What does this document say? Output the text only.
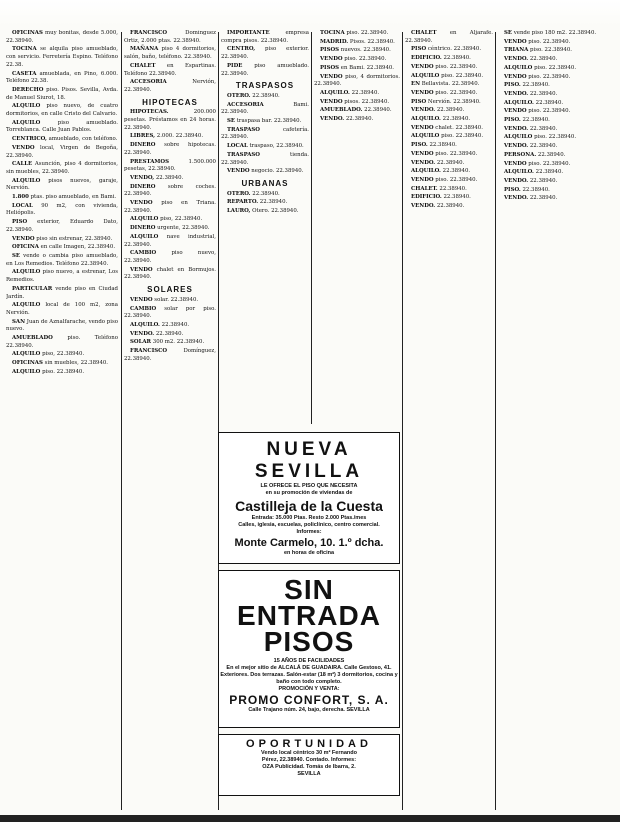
OFICINAS muy bonitas, desde 5.000, 22.38940.

TOCINA se alquila piso amueblado, con servicio. Ferretería Espino. Teléfono 22.38.

CASETA amueblada, en Pino, 6.000. Teléfono 22.38.

DERECHO piso. Pisos. Sevilla, Avda. de Manuel Siurot, 18.

ALQUILO piso nuevo, de cuatro dormitorios, en calle Cristo del Calvario.

ALQUILO piso amueblado. Torreblanca. Calle Juan Pablos.

CENTRICO, amueblado, con teléfono.

VENDO local, Virgen de Begoña, 22.38940.

CALLE Asunción, piso 4 dormitorios, sin muebles, 22.38940.

ALQUILO pisos nuevos, garaje, Nervión.

1.800 ptas. piso amueblado, en Bami.

LOCAL 90 m2, con vivienda, Heliópolis.

PISO exterior, Eduardo Dato, 22.38940.

VENDO piso sin estrenar, 22.38940.

OFICINA en calle Imagen, 22.38940.

SE vende o cambia piso amueblado, en Los Remedios. Teléfono 22.38940.

ALQUILO piso nuevo, a estrenar, Los Remedios.

PARTICULAR vende piso en Ciudad Jardín.

ALQUILO local de 100 m2, zona Nervión.

SAN Juan de Aznalfarache, vendo piso nuevo.

AMUEBLADO piso. Teléfono 22.38940.

ALQUILO piso, 22.38940.

OFICINAS sin muebles, 22.38940.

ALQUILO piso. 22.38940.

FRANCISCO Domínguez Ortiz, 2.000 ptas. 22.38940.

MAÑANA piso 4 dormitorios, salón, baño, teléfono. 22.38940.

CHALET en Espartinas. Teléfono 22.38940.

ACCESORIA Nervión, 22.38940.

HIPOTECAS

HIPOTECAS. 200.000 pesetas. Préstamos en 24 horas. 22.38940.

LIBRES, 2.000. 22.38940.

DINERO sobre hipotecas. 22.38940.

PRESTAMOS 1.500.000 pesetas, 22.38940.

VENDO, 22.38940.

DINERO sobre coches. 22.38940.

VENDO piso en Triana. 22.38940.

ALQUILO piso, 22.38940.

DINERO urgente, 22.38940.

ALQUILO nave industrial, 22.38940.

CAMBIO piso nuevo, 22.38940.

VENDO chalet en Bormujos. 22.38940.

SOLARES

VENDO solar. 22.38940.

CAMBIO solar por piso. 22.38940.

ALQUILO. 22.38940.

VENDO. 22.38940.

SOLAR 300 m2. 22.38940.

FRANCISCO Domínguez, 22.38940.

IMPORTANTE empresa compra pisos. 22.38940.

CENTRO, piso exterior. 22.38940.

PIDE piso amueblado. 22.38940.

TRASPASOS

OTERO. 22.38940.

ACCESORIA Bami. 22.38940.

SE traspasa bar. 22.38940.

TRASPASO cafetería. 22.38940.

LOCAL traspaso, 22.38940.

TRASPASO tienda. 22.38940.

VENDO negocio. 22.38940.

URBANAS

OTERO. 22.38940.

REPARTO. 22.38940.

LAURO, Otero. 22.38940.

TOCINA piso. 22.38940.

MADRID. Pisos. 22.38940.

PISOS nuevos. 22.38940.

VENDO piso. 22.38940.

PISOS en Bami. 22.38940.

VENDO piso, 4 dormitorios. 22.38940.

ALQUILO. 22.38940.

VENDO pisos. 22.38940.

AMUEBLADO. 22.38940.

VENDO. 22.38940.

CHALET en Aljarafe. 22.38940.

PISO céntrico. 22.38940.

EDIFICIO. 22.38940.

VENDO piso. 22.38940.

ALQUILO piso. 22.38940.

EN Bellavista. 22.38940.

VENDO piso. 22.38940.

PISO Nervión. 22.38940.

VENDO. 22.38940.

ALQUILO. 22.38940.

VENDO chalet. 22.38940.

ALQUILO piso. 22.38940.

PISO. 22.38940.

VENDO piso. 22.38940.

VENDO. 22.38940.

ALQUILO. 22.38940.

VENDO piso. 22.38940.

CHALET. 22.38940.

EDIFICIO. 22.38940.

VENDO. 22.38940.

SE vende piso 180 m2. 22.38940.

VENDO piso. 22.38940.

TRIANA piso. 22.38940.

VENDO. 22.38940.

ALQUILO piso. 22.38940.

VENDO piso. 22.38940.

PISO. 22.38940.

VENDO. 22.38940.

ALQUILO. 22.38940.

VENDO piso. 22.38940.

PISO. 22.38940.

VENDO. 22.38940.

ALQUILO piso. 22.38940.

VENDO. 22.38940.

PERSONA. 22.38940.

VENDO piso. 22.38940.

ALQUILO. 22.38940.

VENDO. 22.38940.

PISO. 22.38940.

VENDO. 22.38940.

NUEVA SEVILLA
LE OFRECE EL PISO QUE NECESITA
en su promoción de viviendas de
Castilleja de la Cuesta
Entrada: 35.000 Ptas. Resto 2.000 Ptas./mes
Calles, iglesia, escuelas, policlínico, centro comercial.
Informes:
Monte Carmelo, 10. 1.º dcha.
en horas de oficina
SIN ENTRADA
PISOS
15 AÑOS DE FACILIDADES
En el mejor sitio de ALCALÁ DE GUADAIRA. Calle Gestoso, 41.
Exteriores. Dos terrazas. Salón-estar (18 m²) 3 dormitorios, cocina y baño con todo completo.
PROMOCIÓN Y VENTA:
PROMO CONFORT, S. A.
Calle Trajano núm. 24, bajo, derecha. SEVILLA
OPORTUNIDAD
Vendo local céntrico 30 m² Fernando
Pérez, 22.38940. Contado. Informes:
OZA Publicidad. Tomás de Ibarra, 2.
SEVILLA
